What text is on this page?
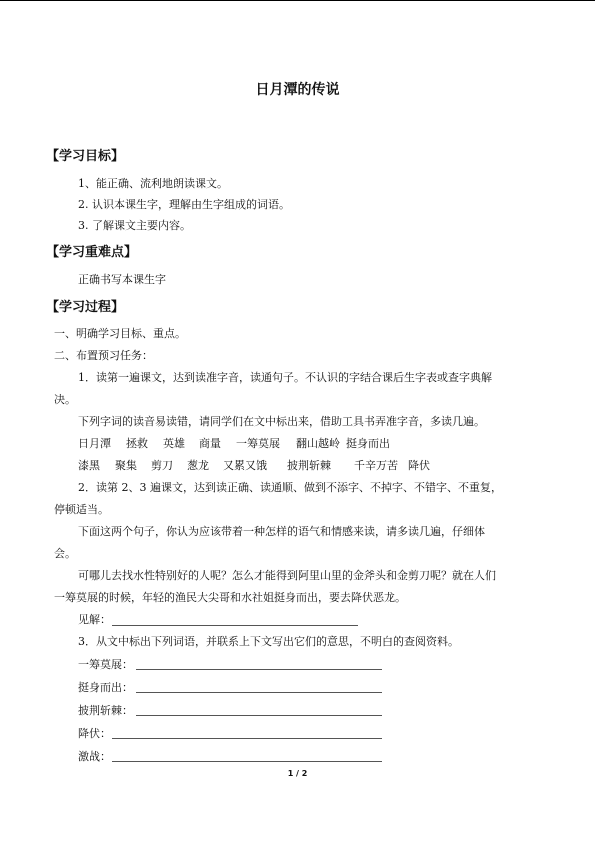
日月潭的传说
【学习目标】
1、能正确、流利地朗读课文。
2. 认识本课生字，理解由生字组成的词语。
3. 了解课文主要内容。
【学习重难点】
正确书写本课生字
【学习过程】
一、明确学习目标、重点。
二、布置预习任务：
1．读第一遍课文，达到读准字音，读通句子。不认识的字结合课后生字表或查字典解
决。
下列字词的读音易读错，请同学们在文中标出来，借助工具书弄准字音，多读几遍。
日月潭 拯救 英雄 商量 一筹莫展 翻山越岭 挺身而出
漆黑 聚集 剪刀 葱龙 又累又饿 披荆斩棘 千辛万苦 降伏
2．读第 2、3 遍课文，达到读正确、读通顺、做到不添字、不掉字、不错字、不重复，
停顿适当。
下面这两个句子，你认为应该带着一种怎样的语气和情感来读，请多读几遍，仔细体
会。
可哪儿去找水性特别好的人呢？怎么才能得到阿里山里的金斧头和金剪刀呢？就在人们
一筹莫展的时候，年轻的渔民大尖哥和水社姐挺身而出，要去降伏恶龙。
见解：
3．从文中标出下列词语，并联系上下文写出它们的意思，不明白的查阅资料。
一筹莫展：
挺身而出：
披荆斩棘：
降伏：
激战：
1 / 2
